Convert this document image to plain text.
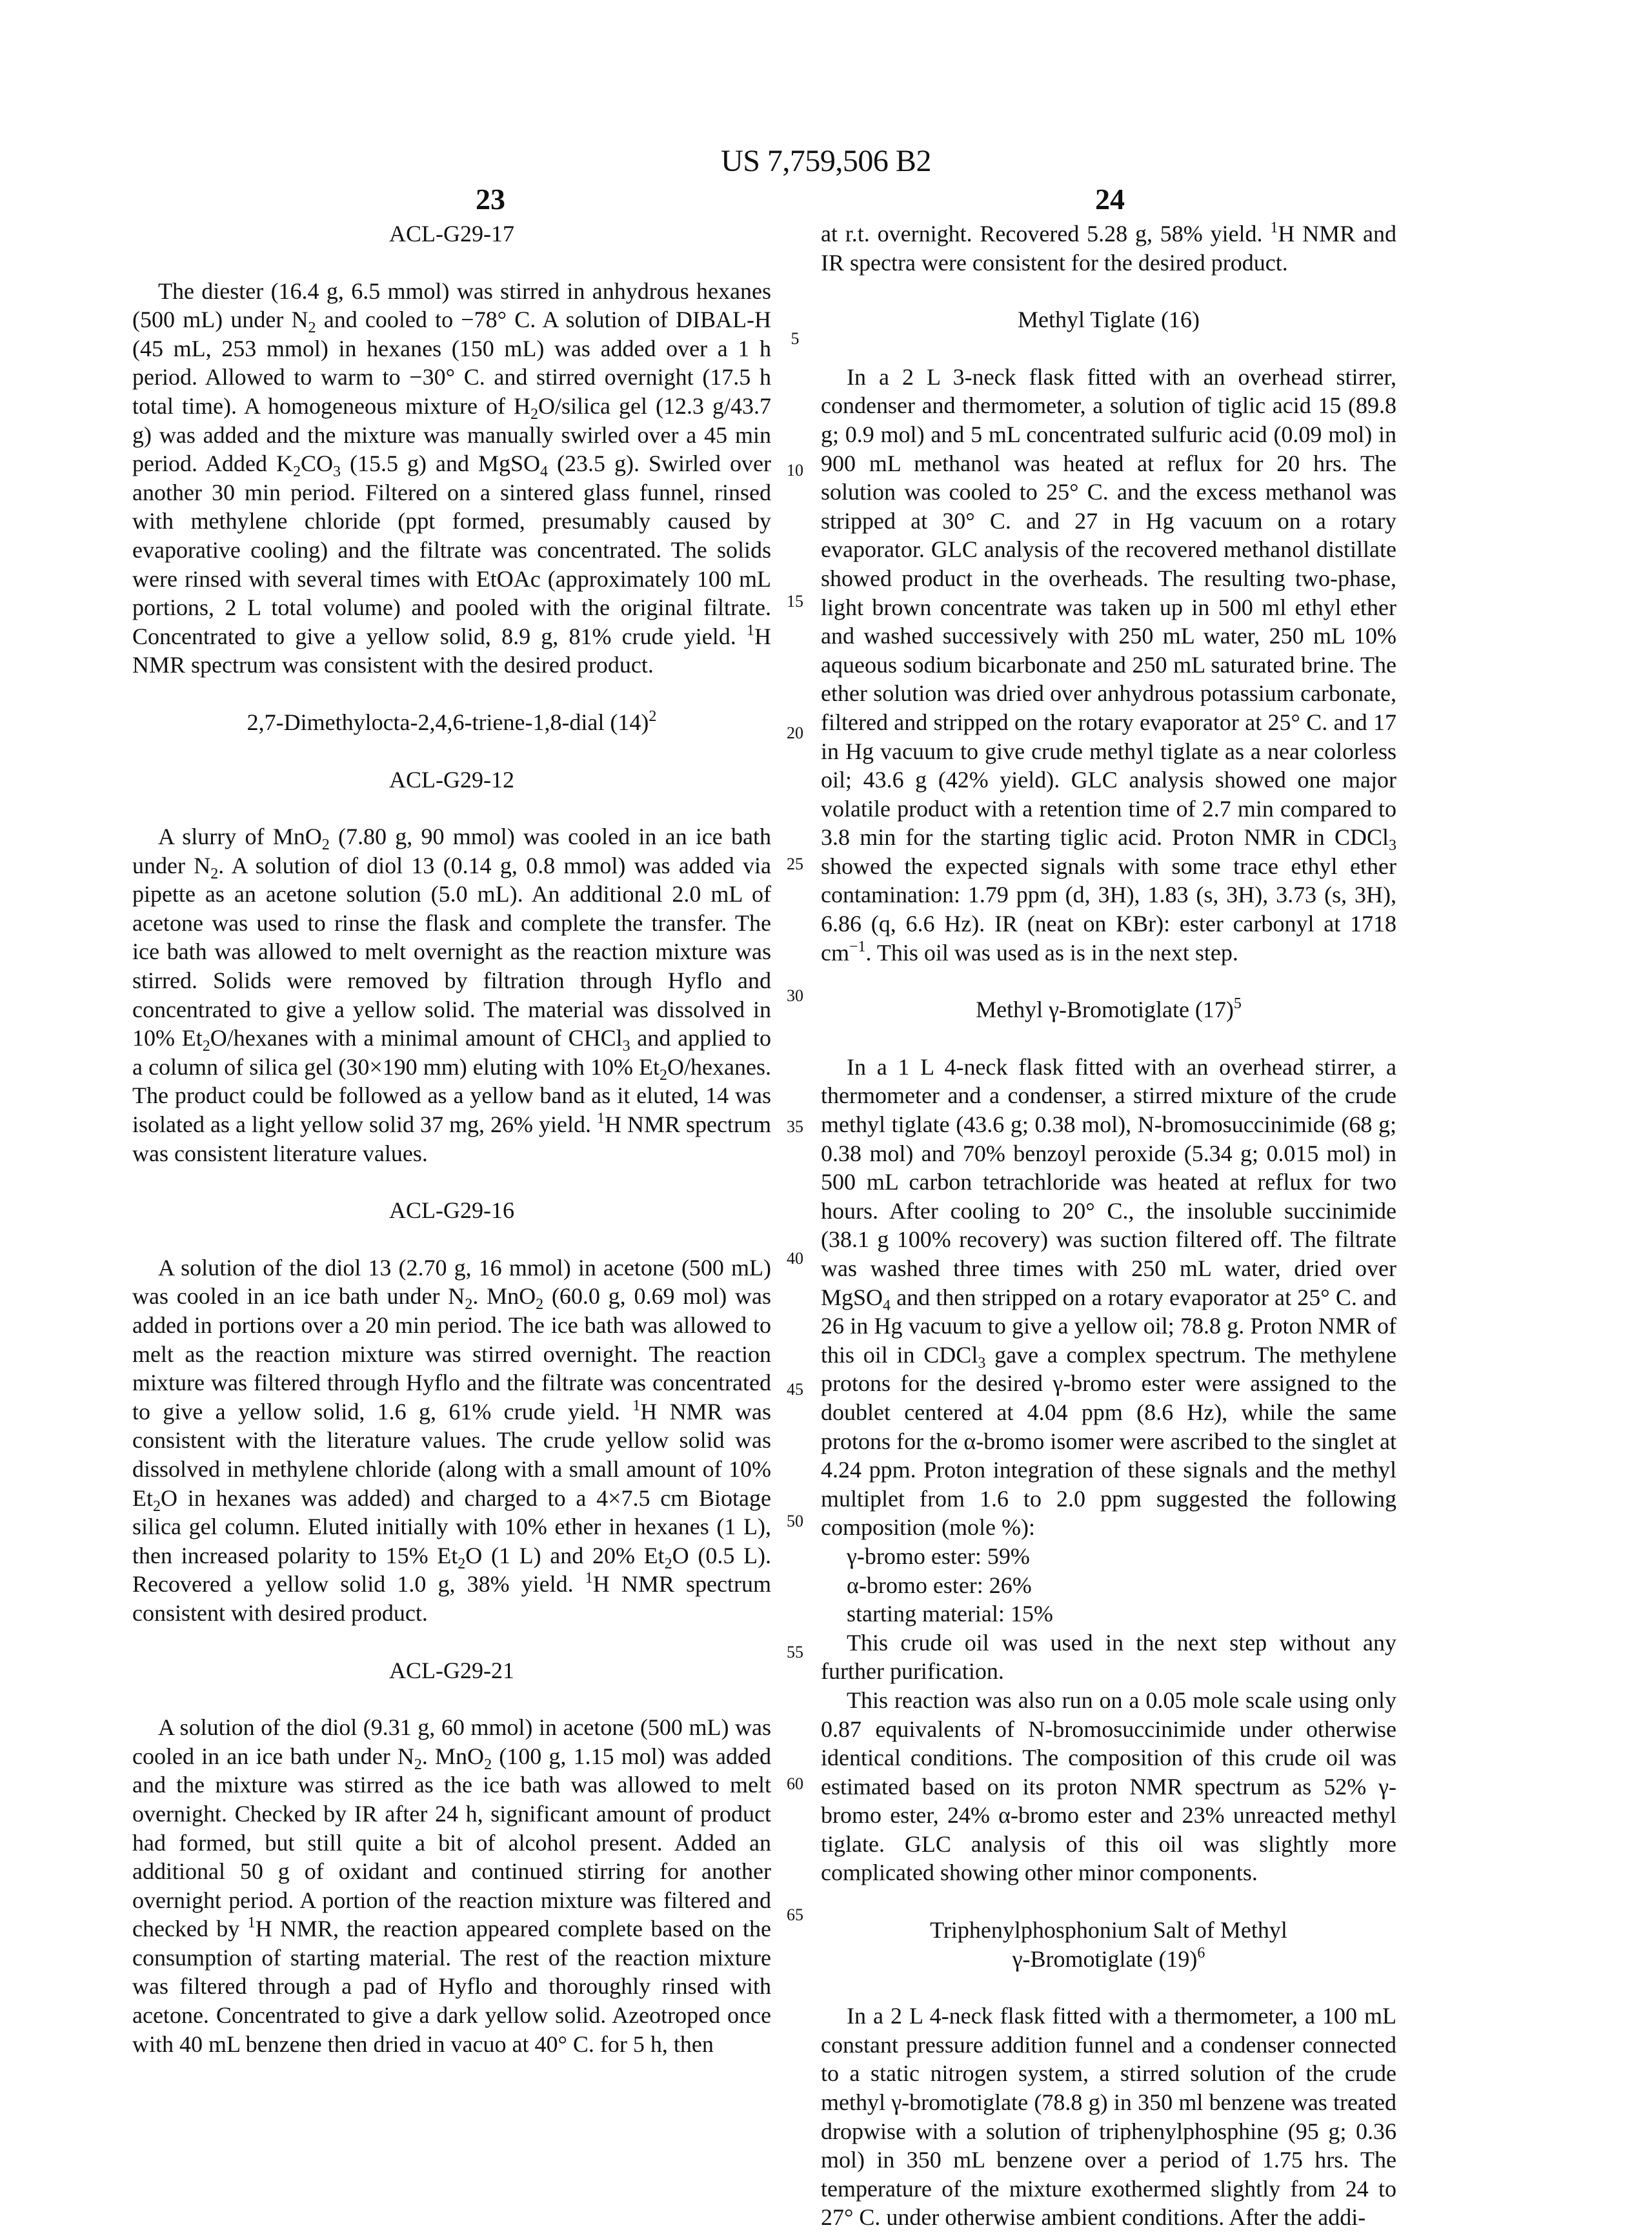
US 7,759,506 B2
23	24
ACL-G29-17

The diester (16.4 g, 6.5 mmol) was stirred in anhydrous hexanes (500 mL) under N2 and cooled to −78° C. A solution of DIBAL-H (45 mL, 253 mmol) in hexanes (150 mL) was added over a 1 h period. Allowed to warm to −30° C. and stirred overnight (17.5 h total time). A homogeneous mixture of H2O/silica gel (12.3 g/43.7 g) was added and the mixture was manually swirled over a 45 min period. Added K2CO3 (15.5 g) and MgSO4 (23.5 g). Swirled over another 30 min period. Filtered on a sintered glass funnel, rinsed with methylene chloride (ppt formed, presumably caused by evaporative cooling) and the filtrate was concentrated. The solids were rinsed with several times with EtOAc (approximately 100 mL portions, 2 L total volume) and pooled with the original filtrate. Concentrated to give a yellow solid, 8.9 g, 81% crude yield. 1H NMR spectrum was consistent with the desired product.

2,7-Dimethylocta-2,4,6-triene-1,8-dial (14)2
ACL-G29-12

A slurry of MnO2 (7.80 g, 90 mmol) was cooled in an ice bath under N2. A solution of diol 13 (0.14 g, 0.8 mmol) was added via pipette as an acetone solution (5.0 mL). An additional 2.0 mL of acetone was used to rinse the flask and complete the transfer. The ice bath was allowed to melt overnight as the reaction mixture was stirred. Solids were removed by filtration through Hyflo and concentrated to give a yellow solid. The material was dissolved in 10% Et2O/hexanes with a minimal amount of CHCl3 and applied to a column of silica gel (30×190 mm) eluting with 10% Et2O/hexanes. The product could be followed as a yellow band as it eluted, 14 was isolated as a light yellow solid 37 mg, 26% yield. 1H NMR spectrum was consistent literature values.

ACL-G29-16

A solution of the diol 13 (2.70 g, 16 mmol) in acetone (500 mL) was cooled in an ice bath under N2. MnO2 (60.0 g, 0.69 mol) was added in portions over a 20 min period. The ice bath was allowed to melt as the reaction mixture was stirred overnight. The reaction mixture was filtered through Hyflo and the filtrate was concentrated to give a yellow solid, 1.6 g, 61% crude yield. 1H NMR was consistent with the literature values. The crude yellow solid was dissolved in methylene chloride (along with a small amount of 10% Et2O in hexanes was added) and charged to a 4×7.5 cm Biotage silica gel column. Eluted initially with 10% ether in hexanes (1 L), then increased polarity to 15% Et2O (1 L) and 20% Et2O (0.5 L). Recovered a yellow solid 1.0 g, 38% yield. 1H NMR spectrum consistent with desired product.

ACL-G29-21

A solution of the diol (9.31 g, 60 mmol) in acetone (500 mL) was cooled in an ice bath under N2. MnO2 (100 g, 1.15 mol) was added and the mixture was stirred as the ice bath was allowed to melt overnight. Checked by IR after 24 h, significant amount of product had formed, but still quite a bit of alcohol present. Added an additional 50 g of oxidant and continued stirring for another overnight period. A portion of the reaction mixture was filtered and checked by 1H NMR, the reaction appeared complete based on the consumption of starting material. The rest of the reaction mixture was filtered through a pad of Hyflo and thoroughly rinsed with acetone. Concentrated to give a dark yellow solid. Azeotroped once with 40 mL benzene then dried in vacuo at 40° C. for 5 h, then

at r.t. overnight. Recovered 5.28 g, 58% yield. 1H NMR and IR spectra were consistent for the desired product.

Methyl Tiglate (16)

In a 2 L 3-neck flask fitted with an overhead stirrer, condenser and thermometer, a solution of tiglic acid 15 (89.8 g; 0.9 mol) and 5 mL concentrated sulfuric acid (0.09 mol) in 900 mL methanol was heated at reflux for 20 hrs. The solution was cooled to 25° C. and the excess methanol was stripped at 30° C. and 27 in Hg vacuum on a rotary evaporator. GLC analysis of the recovered methanol distillate showed product in the overheads. The resulting two-phase, light brown concentrate was taken up in 500 ml ethyl ether and washed successively with 250 mL water, 250 mL 10% aqueous sodium bicarbonate and 250 mL saturated brine. The ether solution was dried over anhydrous potassium carbonate, filtered and stripped on the rotary evaporator at 25° C. and 17 in Hg vacuum to give crude methyl tiglate as a near colorless oil; 43.6 g (42% yield). GLC analysis showed one major volatile product with a retention time of 2.7 min compared to 3.8 min for the starting tiglic acid. Proton NMR in CDCl3 showed the expected signals with some trace ethyl ether contamination: 1.79 ppm (d, 3H), 1.83 (s, 3H), 3.73 (s, 3H), 6.86 (q, 6.6 Hz). IR (neat on KBr): ester carbonyl at 1718 cm−1. This oil was used as is in the next step.

Methyl γ-Bromotiglate (17)5

In a 1 L 4-neck flask fitted with an overhead stirrer, a thermometer and a condenser, a stirred mixture of the crude methyl tiglate (43.6 g; 0.38 mol), N-bromosuccinimide (68 g; 0.38 mol) and 70% benzoyl peroxide (5.34 g; 0.015 mol) in 500 mL carbon tetrachloride was heated at reflux for two hours. After cooling to 20° C., the insoluble succinimide (38.1 g 100% recovery) was suction filtered off. The filtrate was washed three times with 250 mL water, dried over MgSO4 and then stripped on a rotary evaporator at 25° C. and 26 in Hg vacuum to give a yellow oil; 78.8 g. Proton NMR of this oil in CDCl3 gave a complex spectrum. The methylene protons for the desired γ-bromo ester were assigned to the doublet centered at 4.04 ppm (8.6 Hz), while the same protons for the α-bromo isomer were ascribed to the singlet at 4.24 ppm. Proton integration of these signals and the methyl multiplet from 1.6 to 2.0 ppm suggested the following composition (mole %):

γ-bromo ester: 59%

α-bromo ester: 26%

starting material: 15%

This crude oil was used in the next step without any further purification.

This reaction was also run on a 0.05 mole scale using only 0.87 equivalents of N-bromosuccinimide under otherwise identical conditions. The composition of this crude oil was estimated based on its proton NMR spectrum as 52% γ-bromo ester, 24% α-bromo ester and 23% unreacted methyl tiglate. GLC analysis of this oil was slightly more complicated showing other minor components.

Triphenylphosphonium Salt of Methyl
γ-Bromotiglate (19)6

In a 2 L 4-neck flask fitted with a thermometer, a 100 mL constant pressure addition funnel and a condenser connected to a static nitrogen system, a stirred solution of the crude methyl γ-bromotiglate (78.8 g) in 350 ml benzene was treated dropwise with a solution of triphenylphosphine (95 g; 0.36 mol) in 350 mL benzene over a period of 1.75 hrs. The temperature of the mixture exothermed slightly from 24 to 27° C. under otherwise ambient conditions. After the addi-

5
10
15
20
25
30
35
40
45
50
55
60
65
